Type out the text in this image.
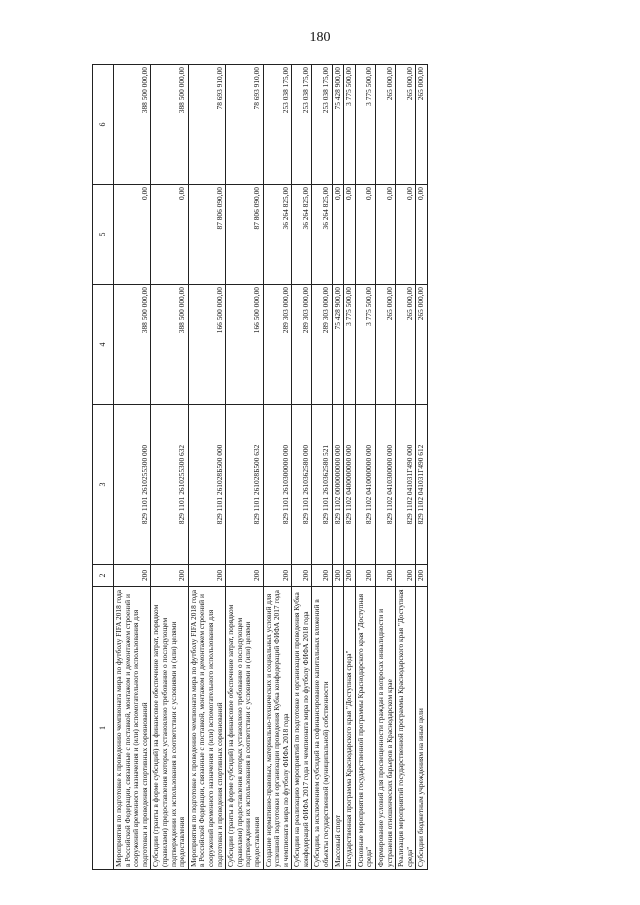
180
1	2	3	4	5	6
Мероприятия по подготовке к проведению чемпионата мира по футболу FIFA 2018 года в Российской Федерации, связанные с поставкой, монтажом и демонтажем строений и сооружений временного назначения и (или) вспомогательного использования для подготовки и проведения спортивных соревнований	200	829 1101 2610255300 000	388 500 000,00	0,00	388 500 000,00
Субсидии (гранты в форме субсидий) на финансовое обеспечение затрат, порядком (правилами) предоставления которых установлено требование о последующем подтверждении их использования в соответствии с условиями и (или) целями предоставления	200	829 1101 2610255300 632	388 500 000,00	0,00	388 500 000,00
Мероприятия по подготовке к проведению чемпионата мира по футболу FIFA 2018 года в Российской Федерации, связанные с поставкой, монтажом и демонтажем строений и сооружений временного назначения и (или) вспомогательного использования для подготовки и проведения спортивных соревнований	200	829 1101 261028Б500 000	166 500 000,00	87 806 090,00	78 693 910,00
Субсидии (гранты в форме субсидий) на финансовое обеспечение затрат, порядком (правилами) предоставления которых установлено требование о последующем подтверждении их использования в соответствии с условиями и (или) целями предоставления	200	829 1101 261028Б500 632	166 500 000,00	87 806 090,00	78 693 910,00
Создание нормативно-правовых, материально-технических и социальных условий для успешной подготовки и организации проведения Кубка конфедераций ФИФА 2017 года и чемпионата мира по футболу ФИФА 2018 года	200	829 1101 2610300000 000	289 303 000,00	36 264 825,00	253 038 175,00
Субсидии на реализацию мероприятий по подготовке и организации проведения Кубка конфедераций ФИФА 2017 года и чемпионата мира по футболу ФИФА 2018 года	200	829 1101 2610362580 000	289 303 000,00	36 264 825,00	253 038 175,00
Субсидии, за исключением субсидий на софинансирование капитальных вложений в объекты государственной (муниципальной) собственности	200	829 1101 2610362580 521	289 303 000,00	36 264 825,00	253 038 175,00
Массовый спорт	200	829 1102 0000000000 000	75 428 900,00	0,00	75 428 900,00
Государственная программа Краснодарского края "Доступная среда"	200	829 1102 0400000000 000	3 775 500,00	0,00	3 775 500,00
Основные мероприятия государственной программы Краснодарского края "Доступная среда"	200	829 1102 0410000000 000	3 775 500,00	0,00	3 775 500,00
Формирование условий для просвещенности граждан в вопросах инвалидности и устранения отношенческих барьеров в Краснодарском крае	200	829 1102 0410300000 000	265 000,00	0,00	265 000,00
Реализация мероприятий государственной программы Краснодарского края "Доступная среда"	200	829 1102 041031Г490 000	265 000,00	0,00	265 000,00
Субсидии бюджетным учреждениям на иные цели	200	829 1102 041031Г490 612	265 000,00	0,00	265 000,00
